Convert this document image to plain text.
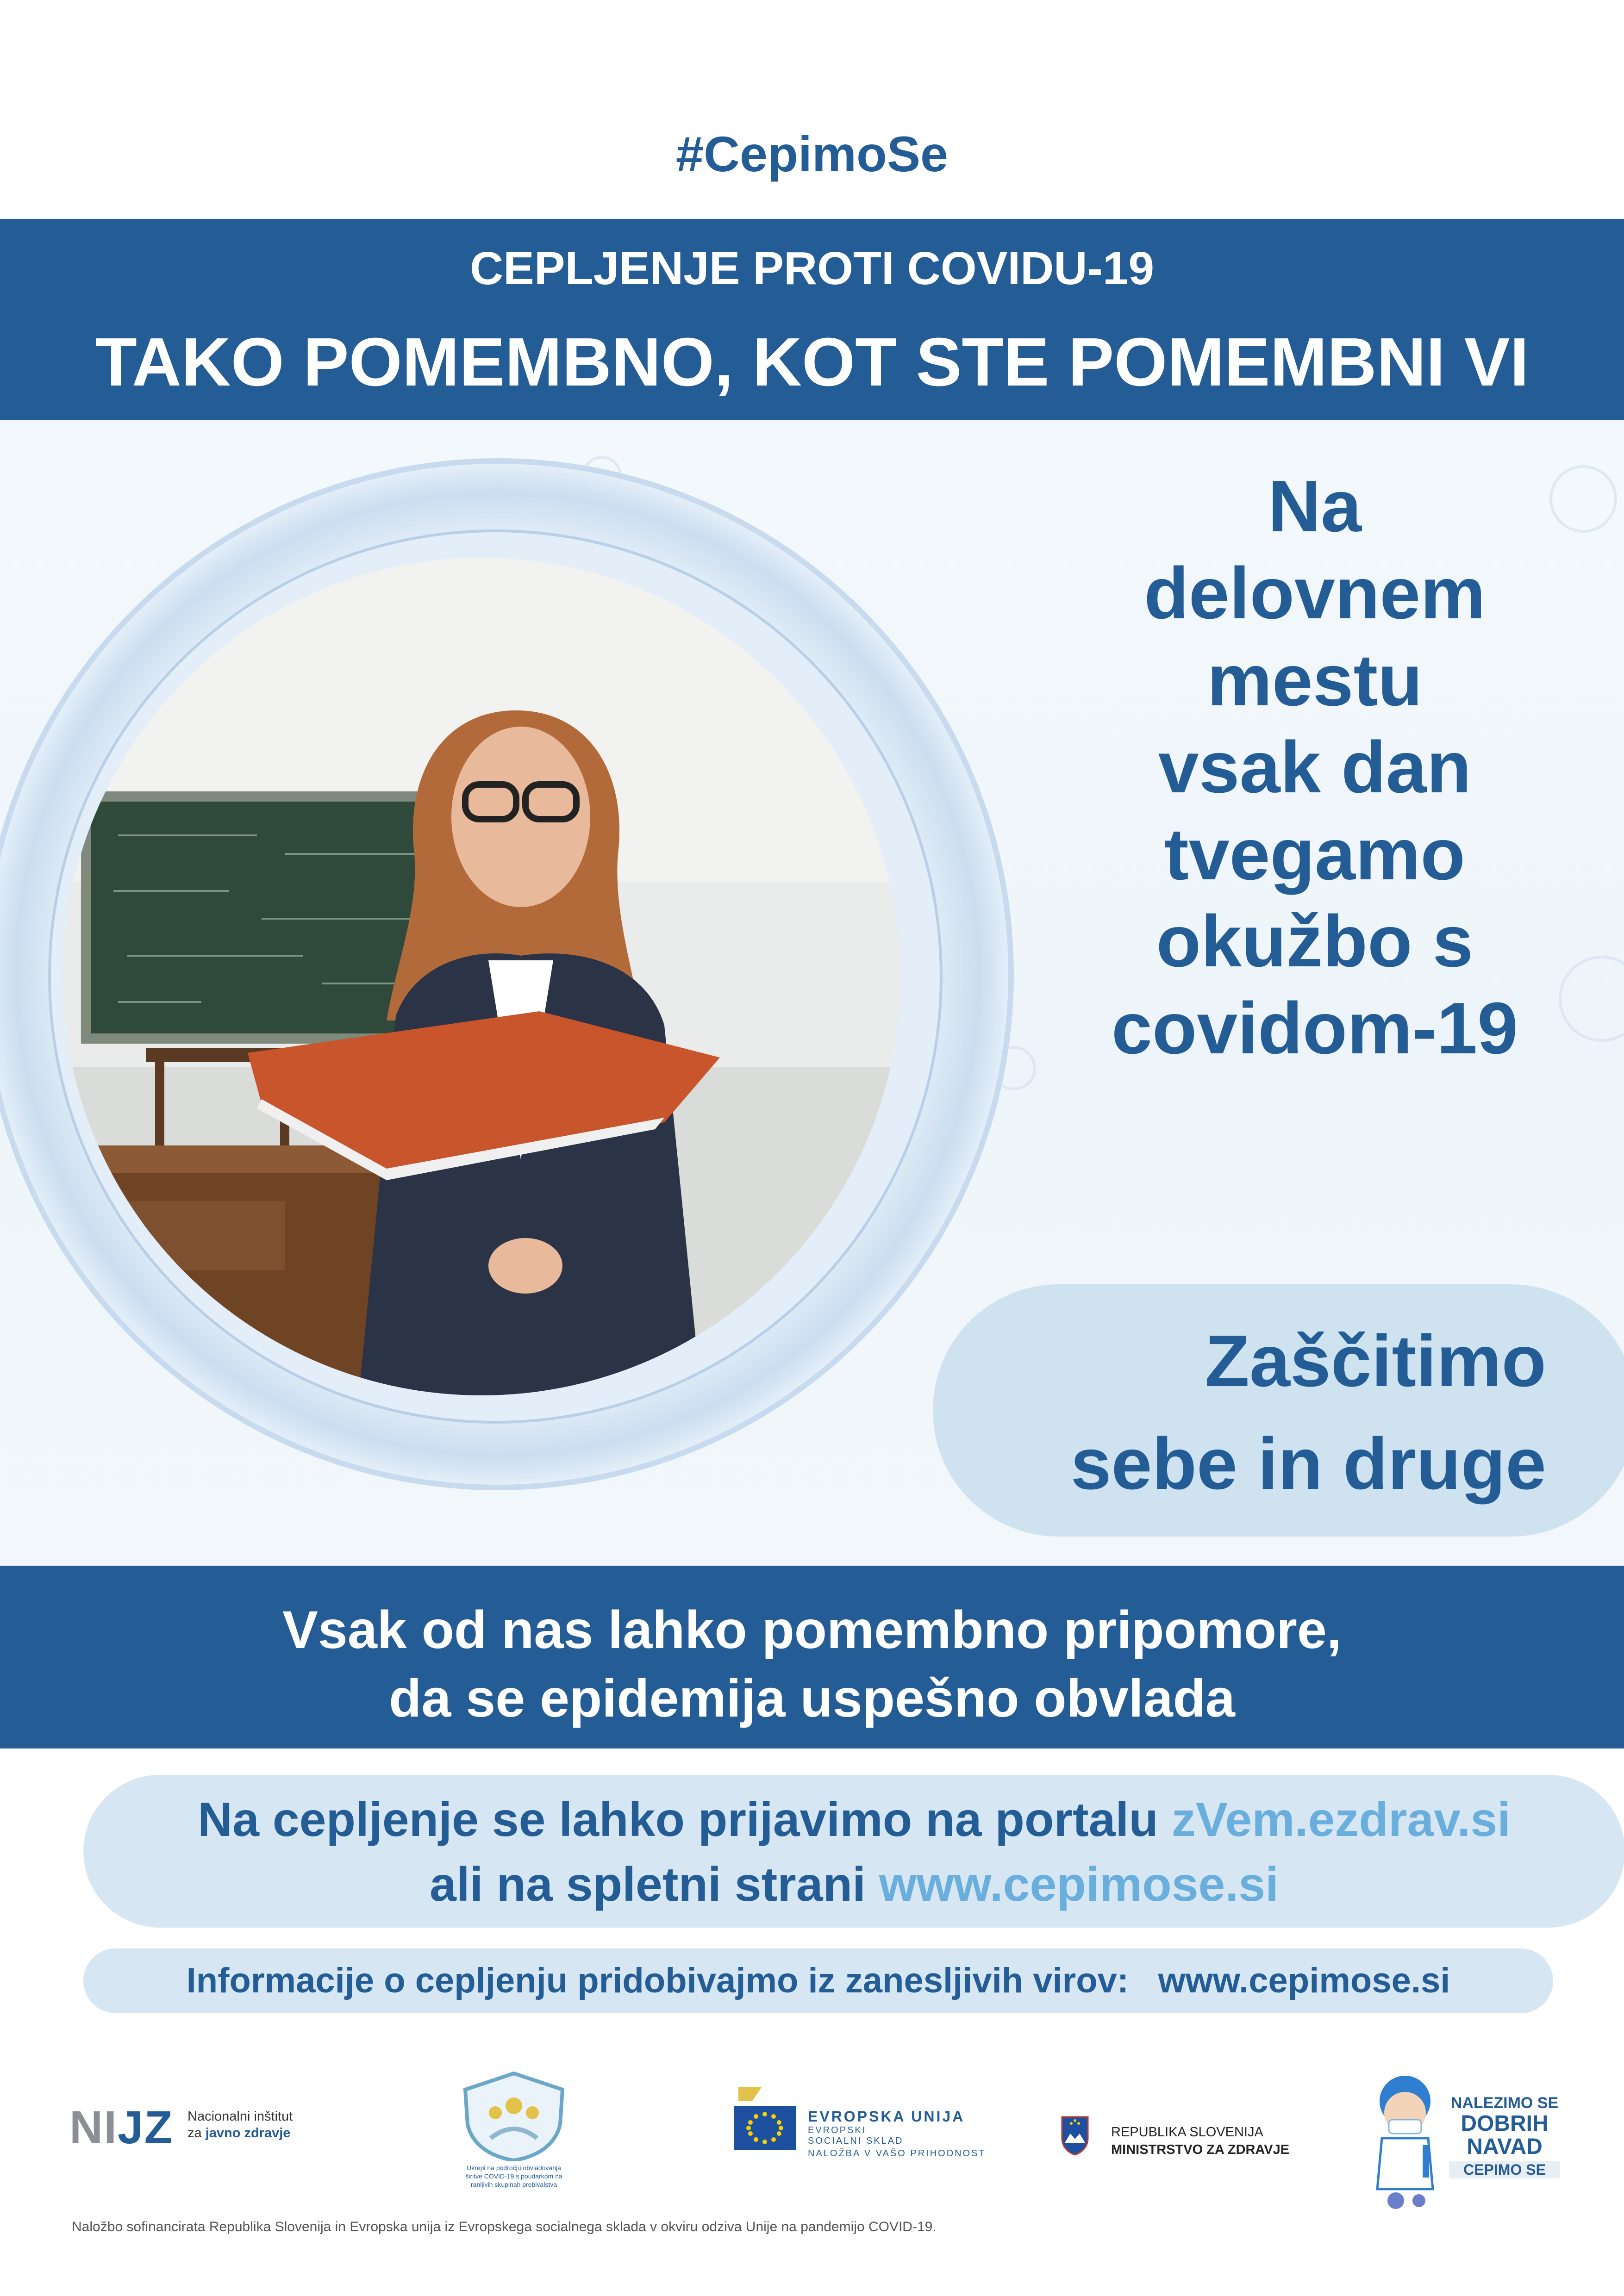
#CepimoSe
CEPLJENJE PROTI COVIDU-19
TAKO POMEMBNO, KOT STE POMEMBNI VI
Na
delovnem
mestu
vsak dan
tvegamo
okužbo s
covidom-19
Zaščitimo
sebe in druge
Vsak od nas lahko pomembno pripomore,
da se epidemija uspešno obvlada
Na cepljenje se lahko prijavimo na portalu zVem.ezdrav.si
ali na spletni strani www.cepimose.si
Informacije o cepljenju pridobivajmo iz zanesljivih virov: www.cepimose.si
NIJZ Nacionalni inštitut
za javno zdravje
Ukrepi na področju obvladovanja
širitve COVID-19 s poudarkom na
ranljivih skupinah prebivalstva
EVROPSKA UNIJA
EVROPSKI
SOCIALNI SKLAD
NALOŽBA V VAŠO PRIHODNOST
REPUBLIKA SLOVENIJA
MINISTRSTVO ZA ZDRAVJE
NALEZIMO SE
DOBRIH
NAVAD
CEPIMO SE
Naložbo sofinancirata Republika Slovenija in Evropska unija iz Evropskega socialnega sklada v okviru odziva Unije na pandemijo COVID-19.
